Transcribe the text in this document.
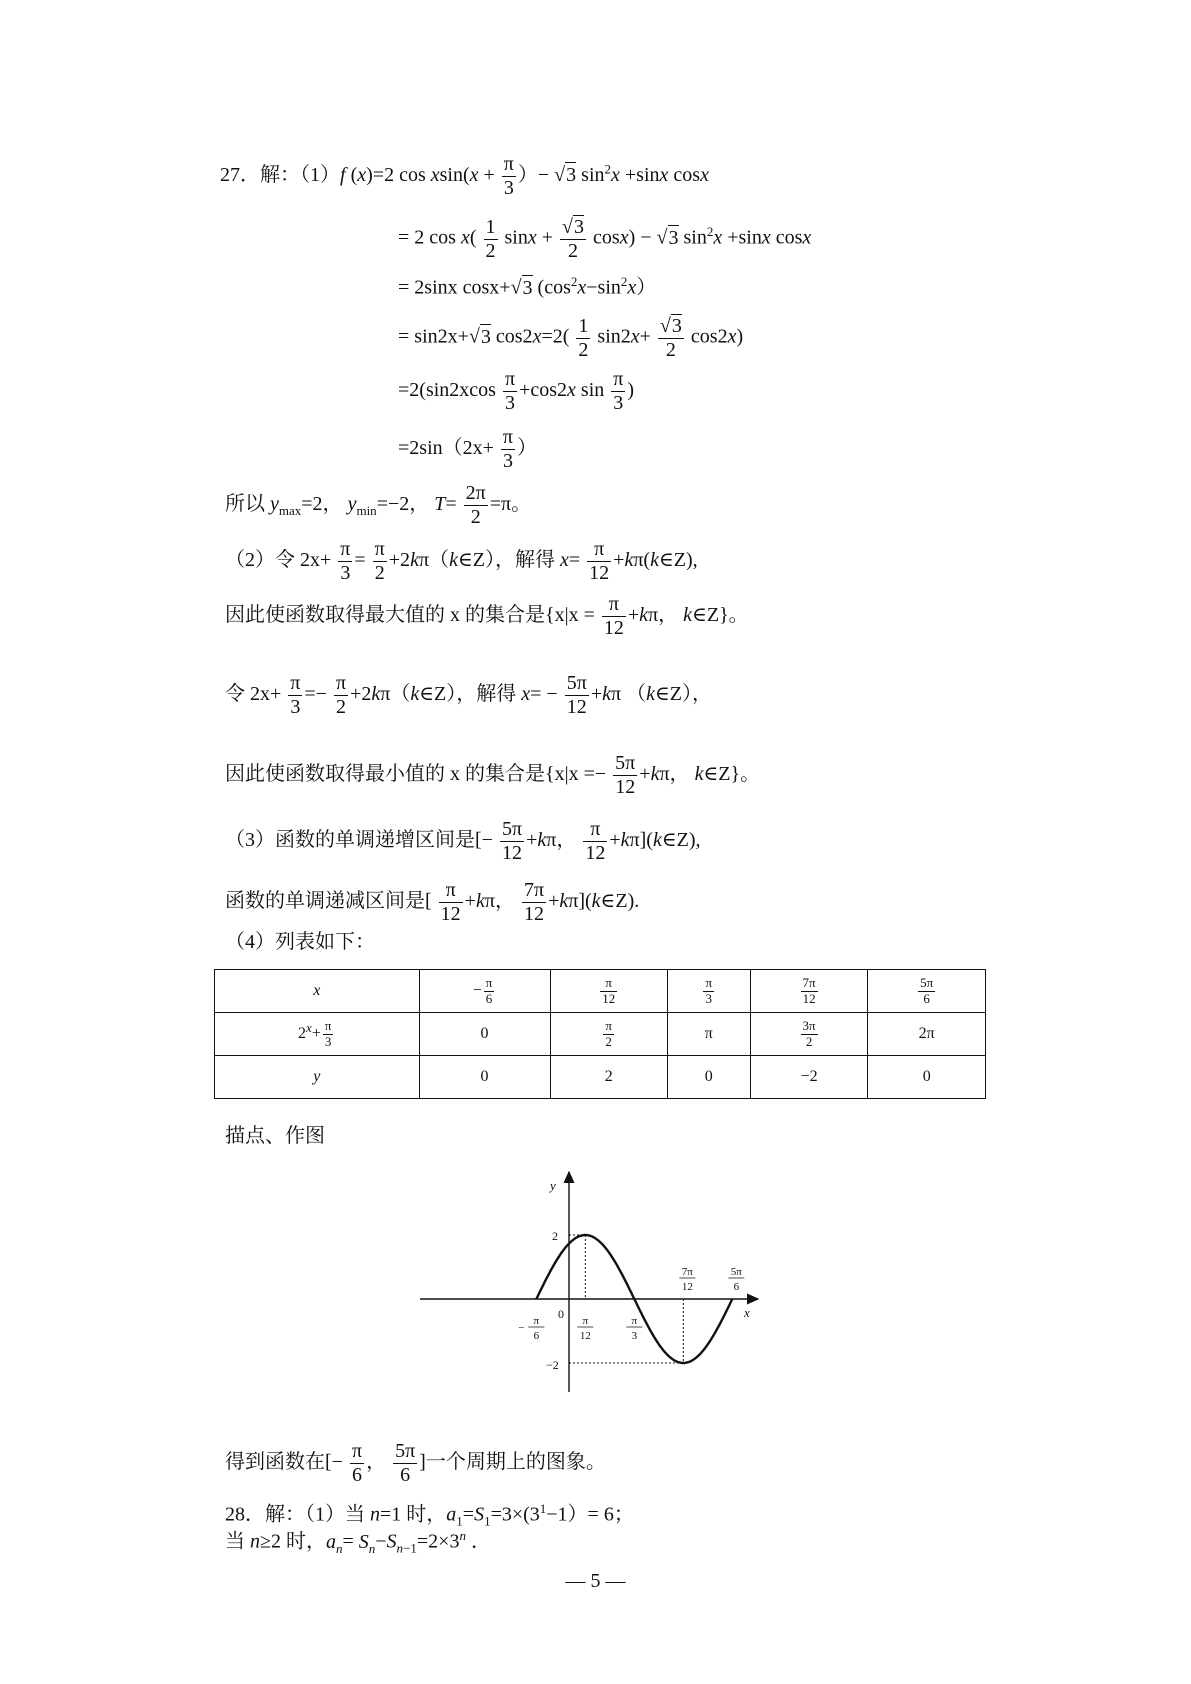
27．解：（1）f (x)=2 $\cos xsin(x + \frac{\pi}{3}$ ）− √3 $\sin^2x +\sin x$ cosx
= 2 $\cos x( \frac{1}{2}$ $\sin x + \frac{√3}{2} \cos x) - √3$ $\sin^2x +\sin x$ cosx
= 2sinx cosx+√3 $(\cos^2x-\sin^2x)$
= sin2x+√3 $\cos 2x=2( \frac{1}{2} \sin 2x+ \frac{√3}{2} \cos 2x)$
$=2(\sin 2xcos \frac{\pi}{3} +\cos 2x$ $\sin \frac{\pi}{3}$ )
$=2\sin(2x+ \frac{\pi}{3}$ ）
所以 $y_{max}=2$， $y_{min}=-2$， $T= \frac{2\pi}{2} =\pi$。
（2）令 $2x+ \frac{\pi}{3} = \frac{\pi}{2}$ +2kπ（k∈Z），解得 $x= \frac{\pi}{12}$ +kπ(k∈Z),
因此使函数取得最大值的 x 的集合是{$x|x = \frac{\pi}{12} +k\pi$， k∈Z}。
令 $2x+ \frac{\pi}{3} =- \frac{\pi}{2}$ +2kπ（k∈Z），解得 $x= - \frac{5\pi}{12} +k\pi$ （k∈Z），
因此使函数取得最小值的 x 的集合是{$x|x =- \frac{5\pi}{12} +k\pi$， k∈Z}。
（3）函数的单调递增区间是[− $\frac{5\pi}{12} +k\pi$， $\frac{\pi}{12}$ +kπ](k∈Z),
函数的单调递减区间是[ $\frac{\pi}{12} +k\pi$， $\frac{7\pi}{12}$ +kπ](k∈Z).
（4）列表如下：
x	− $\frac{\pi}{6}$	$\frac{\pi}{12}$	$\frac{\pi}{3}$	$\frac{7\pi}{12}$	$\frac{5\pi}{6}$

$2^x+ \frac{\pi}{3}$	0	$\frac{\pi}{2}$	π	$\frac{3\pi}{2}$	2π
y	0	2	0	−2	0
描点、作图
y
x
0
2
−2
π
6
−
π
12
π
3
7π
12
5π
6
得到函数在[− $\frac{\pi}{6}$ ， $\frac{5\pi}{6}$ ]一个周期上的图象。
28．解：（1）当 n=1 时，$a_1=S_1=3\times(3^1-1)= 6$；
当 n≥2 时，$a_n= S_n-S_{n-1}=2\times 3^n$ ．
— 5 —
